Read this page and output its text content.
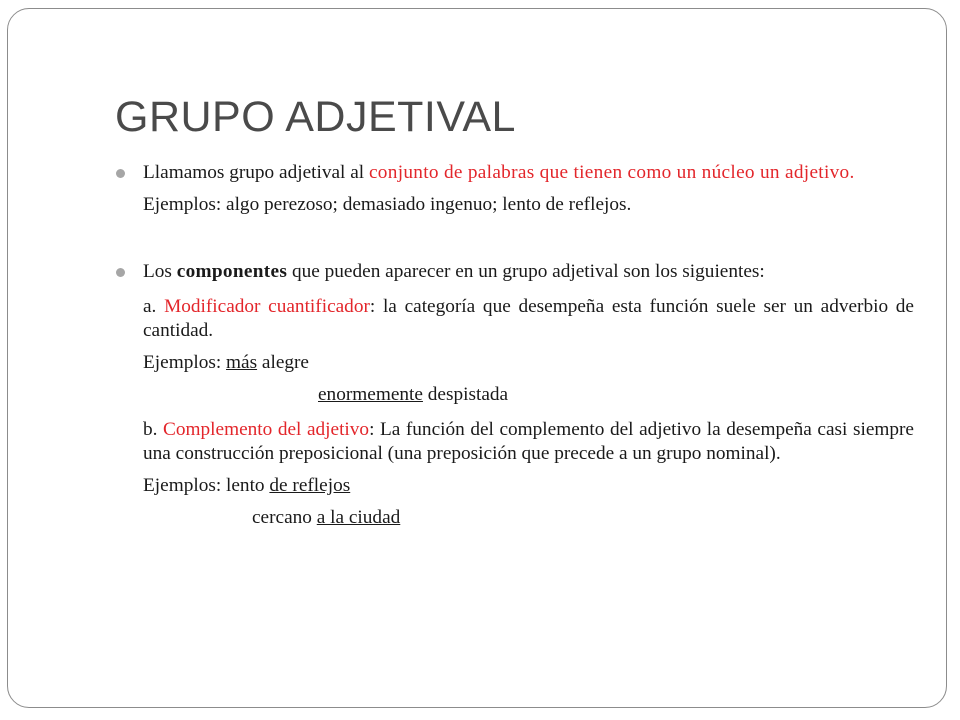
GRUPO ADJETIVAL

Llamamos grupo adjetival al conjunto de palabras que tienen como un núcleo un adjetivo.

Ejemplos: algo perezoso; demasiado ingenuo; lento de reflejos.

Los componentes que pueden aparecer en un grupo adjetival son los siguientes:

a. Modificador cuantificador: la categoría que desempeña esta función suele ser un adverbio de cantidad.

Ejemplos: más alegre

enormemente despistada

b. Complemento del adjetivo: La función del complemento del adjetivo la desempeña casi siempre una construcción preposicional (una preposición que precede a un grupo nominal).

Ejemplos: lento de reflejos

cercano a la ciudad
